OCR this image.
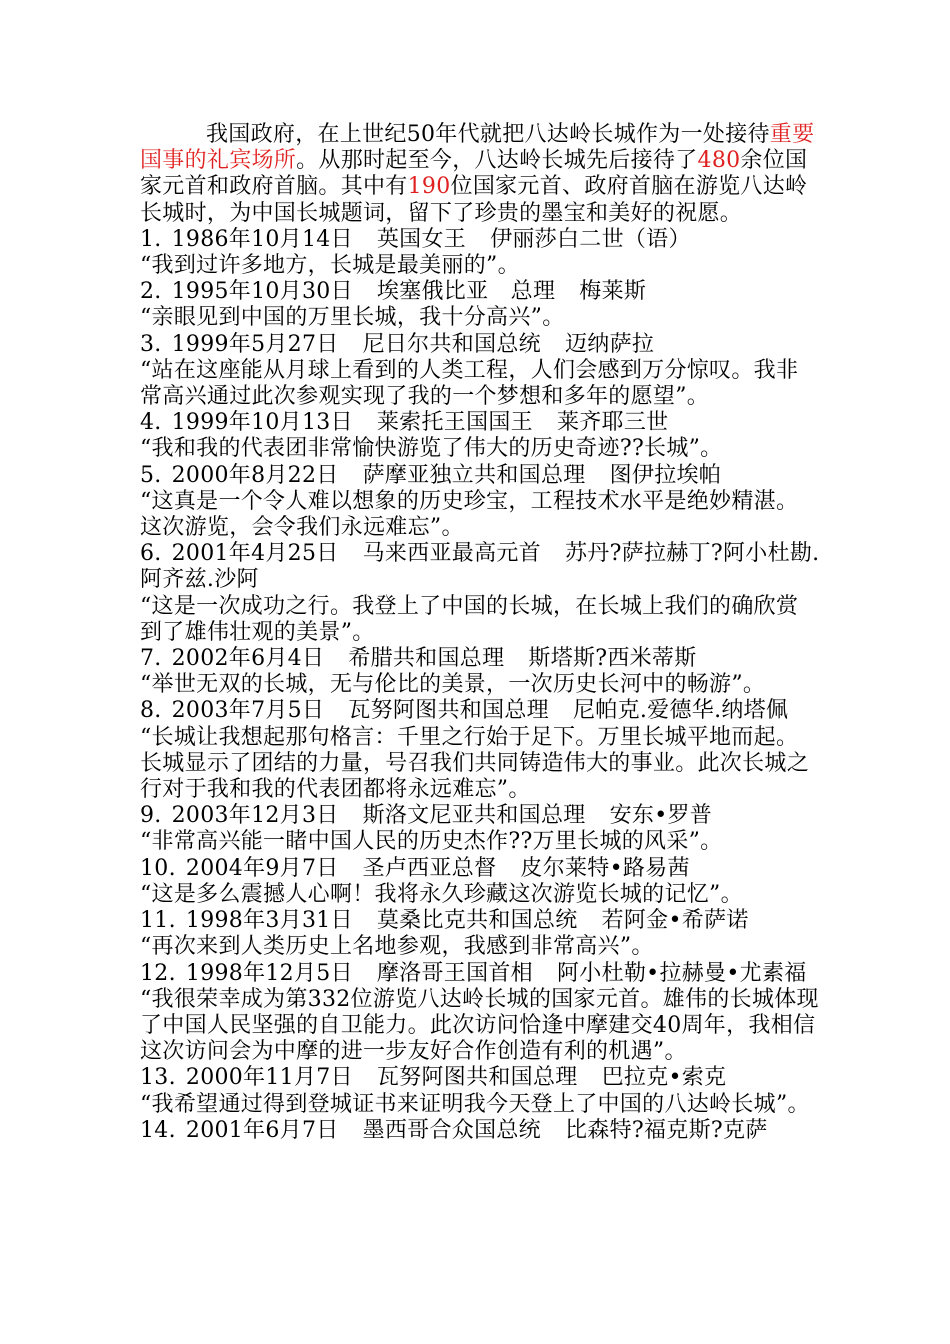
我国政府，在上世纪50年代就把八达岭长城作为一处接待重要国事的礼宾场所。从那时起至今，八达岭长城先后接待了480余位国家元首和政府首脑。其中有190位国家元首、政府首脑在游览八达岭长城时，为中国长城题词，留下了珍贵的墨宝和美好的祝愿。

1. 1986年10月14日 英国女王 伊丽莎白二世（语）

“我到过许多地方，长城是最美丽的”。

2. 1995年10月30日 埃塞俄比亚　总理 梅莱斯

“亲眼见到中国的万里长城，我十分高兴”。

3. 1999年5月27日 尼日尔共和国总统 迈纳萨拉

“站在这座能从月球上看到的人类工程，人们会感到万分惊叹。我非常高兴通过此次参观实现了我的一个梦想和多年的愿望”。

4. 1999年10月13日 莱索托王国国王 莱齐耶三世

“我和我的代表团非常愉快游览了伟大的历史奇迹??长城”。

5. 2000年8月22日 萨摩亚独立共和国总理 图伊拉埃帕

“这真是一个令人难以想象的历史珍宝，工程技术水平是绝妙精湛。这次游览，会令我们永远难忘”。

6. 2001年4月25日 马来西亚最高元首 苏丹?萨拉赫丁?阿小杜勘.阿齐兹.沙阿

“这是一次成功之行。我登上了中国的长城，在长城上我们的确欣赏到了雄伟壮观的美景”。

7. 2002年6月4日 希腊共和国总理 斯塔斯?西米蒂斯

“举世无双的长城，无与伦比的美景，一次历史长河中的畅游”。

8. 2003年7月5日 瓦努阿图共和国总理 尼帕克.爱德华.纳塔佩

“长城让我想起那句格言：千里之行始于足下。万里长城平地而起。长城显示了团结的力量，号召我们共同铸造伟大的事业。此次长城之行对于我和我的代表团都将永远难忘”。

9. 2003年12月3日 斯洛文尼亚共和国总理 安东•罗普

“非常高兴能一睹中国人民的历史杰作??万里长城的风采”。

10. 2004年9月7日 圣卢西亚总督 皮尔莱特•路易茜

“这是多么震撼人心啊！我将永久珍藏这次游览长城的记忆”。

11. 1998年3月31日 莫桑比克共和国总统 若阿金•希萨诺

“再次来到人类历史上名地参观，我感到非常高兴”。

12. 1998年12月5日 摩洛哥王国首相 阿小杜勒•拉赫曼•尤素福

“我很荣幸成为第332位游览八达岭长城的国家元首。雄伟的长城体现了中国人民坚强的自卫能力。此次访问恰逢中摩建交40周年，我相信这次访问会为中摩的进一步友好合作创造有利的机遇”。

13. 2000年11月7日 瓦努阿图共和国总理 巴拉克•索克

“我希望通过得到登城证书来证明我今天登上了中国的八达岭长城”。

14. 2001年6月7日 墨西哥合众国总统 比森特?福克斯?克萨
